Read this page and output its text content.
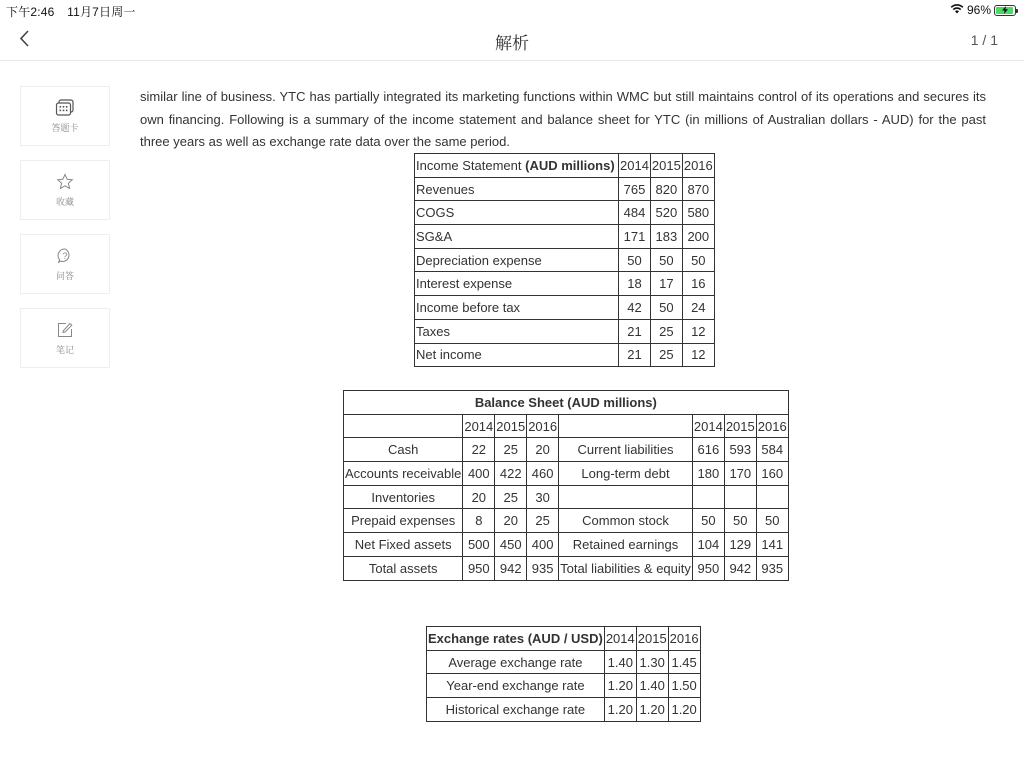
下午2:46 11月7日周一	96%
解析	1 / 1
答题卡
收藏
?
问答
笔记

similar line of business. YTC has partially integrated its marketing functions within WMC but still maintains control of its operations and secures its own financing. Following is a summary of the income statement and balance sheet for YTC (in millions of Australian dollars - AUD) for the past three years as well as exchange rate data over the same period.

Income Statement (AUD millions)	2014	2015	2016
Revenues	765	820	870
COGS	484	520	580
SG&A	171	183	200
Depreciation expense	50	50	50
Interest expense	18	17	16
Income before tax	42	50	24
Taxes	21	25	12
Net income	21	25	12
Balance Sheet (AUD millions)							
	2014	2015	2016		2014	2015	2016
Cash	22	25	20	Current liabilities	616	593	584
Accounts receivable	400	422	460	Long-term debt	180	170	160
Inventories	20	25	30				
Prepaid expenses	8	20	25	Common stock	50	50	50
Net Fixed assets	500	450	400	Retained earnings	104	129	141
Total assets	950	942	935	Total liabilities & equity	950	942	935
Exchange rates (AUD / USD)	2014	2015	2016
Average exchange rate	1.40	1.30	1.45
Year-end exchange rate	1.20	1.40	1.50
Historical exchange rate	1.20	1.20	1.20
